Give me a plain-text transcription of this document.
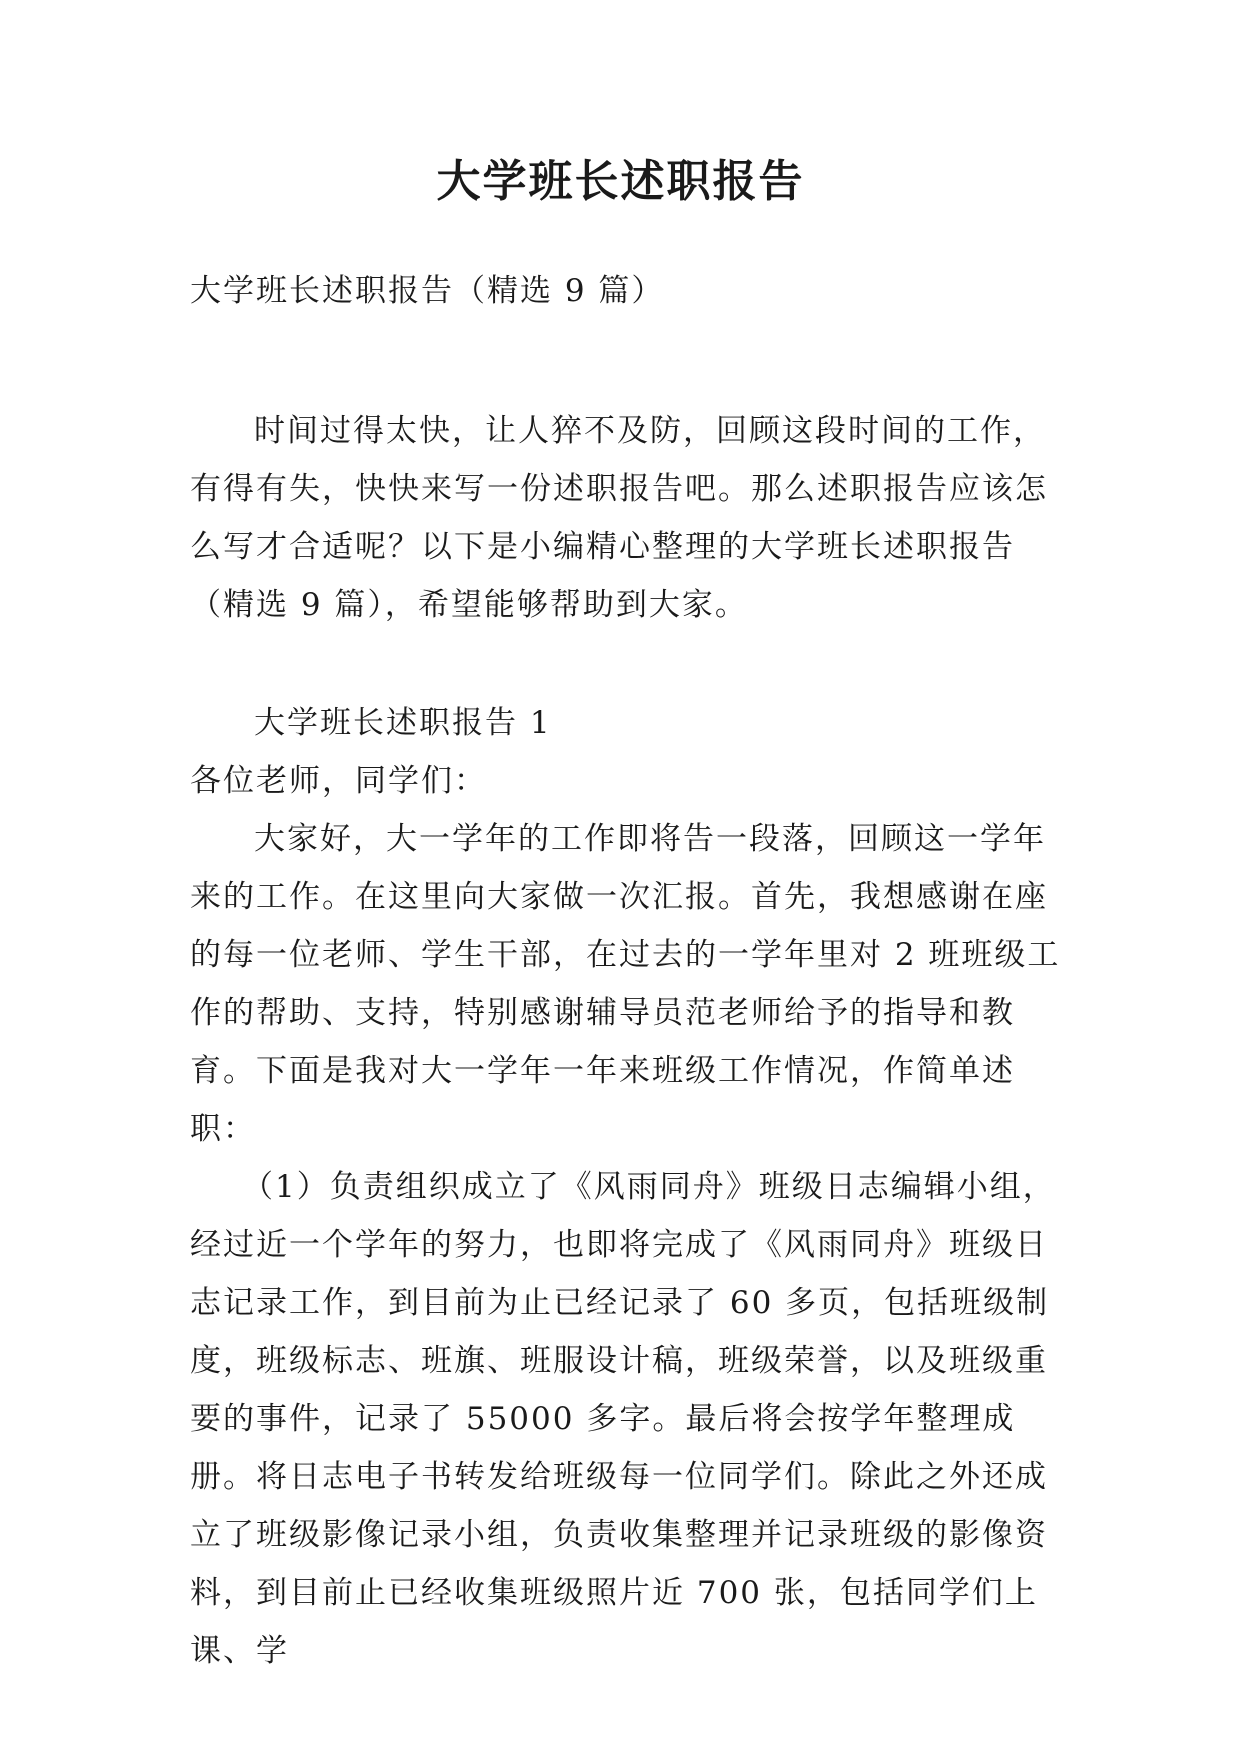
大学班长述职报告

大学班长述职报告（精选 9 篇）

时间过得太快，让人猝不及防，回顾这段时间的工作，有得有失，快快来写一份述职报告吧。那么述职报告应该怎么写才合适呢？以下是小编精心整理的大学班长述职报告（精选 9 篇），希望能够帮助到大家。

大学班长述职报告 1

各位老师，同学们：

大家好，大一学年的工作即将告一段落，回顾这一学年来的工作。在这里向大家做一次汇报。首先，我想感谢在座的每一位老师、学生干部，在过去的一学年里对 2 班班级工作的帮助、支持，特别感谢辅导员范老师给予的指导和教育。下面是我对大一学年一年来班级工作情况，作简单述职：

（1）负责组织成立了《风雨同舟》班级日志编辑小组，经过近一个学年的努力，也即将完成了《风雨同舟》班级日志记录工作，到目前为止已经记录了 60 多页，包括班级制度，班级标志、班旗、班服设计稿，班级荣誉，以及班级重要的事件，记录了 55000 多字。最后将会按学年整理成册。将日志电子书转发给班级每一位同学们。除此之外还成立了班级影像记录小组，负责收集整理并记录班级的影像资料，到目前止已经收集班级照片近 700 张，包括同学们上课、学
